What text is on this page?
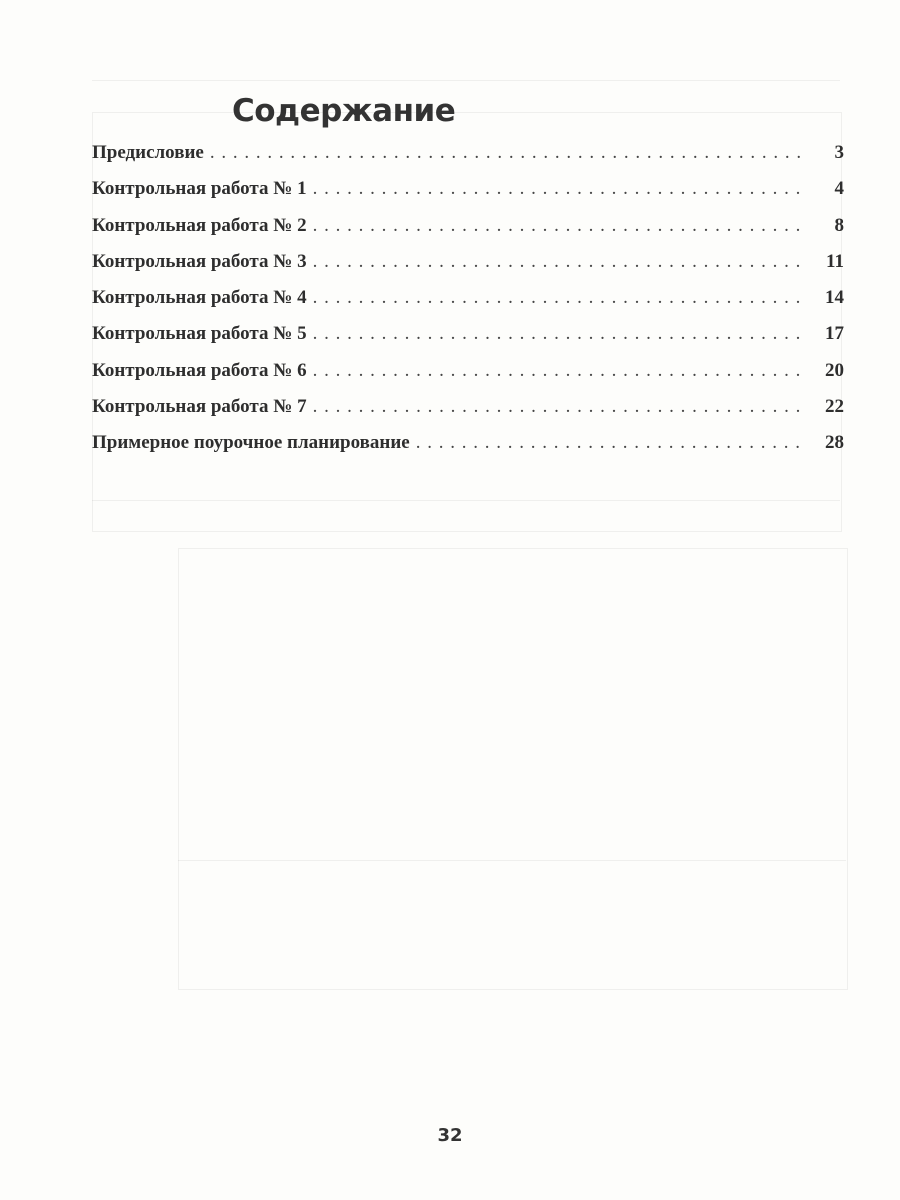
Содержание
Предисловие . . .	3
Контрольная работа № 1 . . .	4
Контрольная работа № 2 . . .	8
Контрольная работа № 3 . . .	11
Контрольная работа № 4 . . .	14
Контрольная работа № 5 . . .	17
Контрольная работа № 6 . . .	20
Контрольная работа № 7 . . .	22
Примерное поурочное планирование . . .	28
32
